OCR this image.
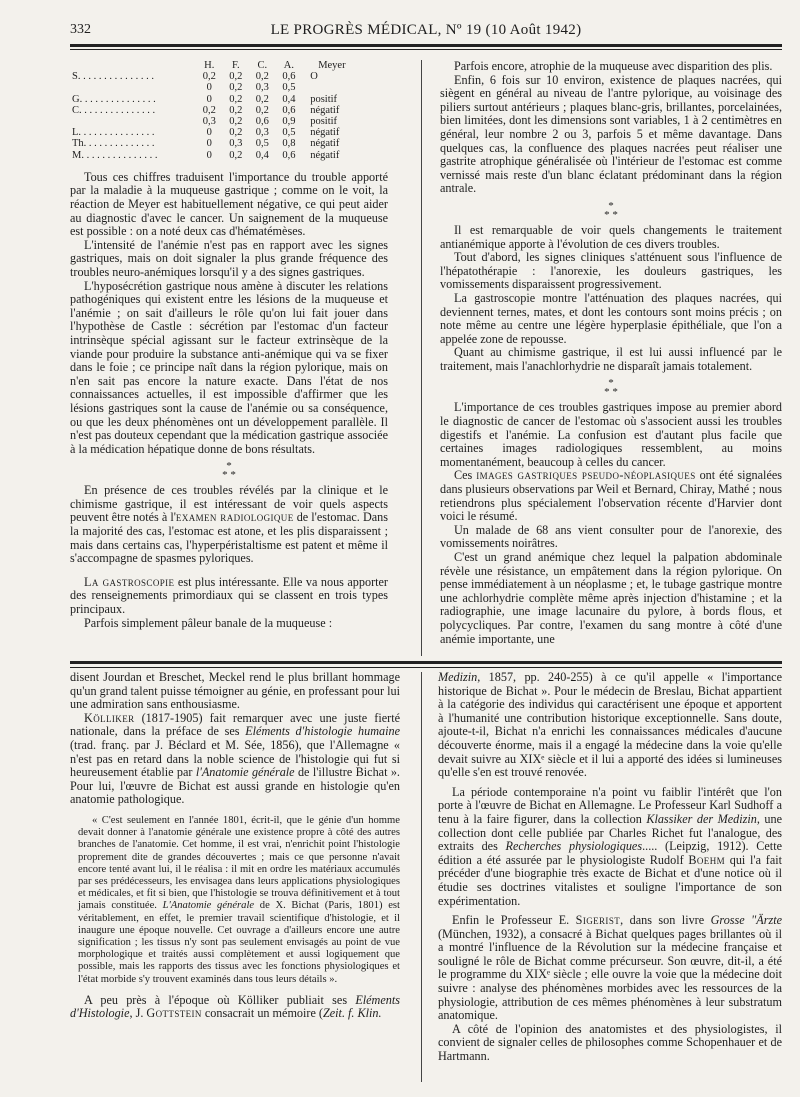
332	LE PROGRÈS MÉDICAL, Nº 19 (10 Août 1942)
	H.	F.	C.	A.	Meyer
S. . . . . . . . . . . . . . .	0,2	0,2	0,2	0,6	O
	0	0,2	0,3	0,5	
G. . . . . . . . . . . . . . .	0	0,2	0,2	0,4	positif
C. . . . . . . . . . . . . . .	0,2	0,2	0,2	0,6	négatif
	0,3	0,2	0,6	0,9	positif
L. . . . . . . . . . . . . . .	0	0,2	0,3	0,5	négatif
Th. . . . . . . . . . . . . .	0	0,3	0,5	0,8	négatif
M. . . . . . . . . . . . . . .	0	0,2	0,4	0,6	négatif

Tous ces chiffres traduisent l'importance du trouble apporté par la maladie à la muqueuse gastrique ; comme on le voit, la réaction de Meyer est habituellement négative, ce qui peut aider au diagnostic d'avec le cancer. Un saignement de la muqueuse est possible : on a noté deux cas d'hématémèses.

L'intensité de l'anémie n'est pas en rapport avec les signes gastriques, mais on doit signaler la plus grande fréquence des troubles neuro-anémiques lorsqu'il y a des signes gastriques.

L'hyposécrétion gastrique nous amène à discuter les relations pathogéniques qui existent entre les lésions de la muqueuse et l'anémie ; on sait d'ailleurs le rôle qu'on lui fait jouer dans l'hypothèse de Castle : sécrétion par l'estomac d'un facteur intrinsèque spécial agissant sur le facteur extrinsèque de la viande pour produire la substance anti-anémique qui va se fixer dans le foie ; ce principe naît dans la région pylorique, mais on n'en sait pas encore la nature exacte. Dans l'état de nos connaissances actuelles, il est impossible d'affirmer que les lésions gastriques sont la cause de l'anémie ou sa conséquence, ou que les deux phénomènes ont un développement parallèle. Il n'est pas douteux cependant que la médication gastrique associée à la médication hépatique donne de bons résultats.

*
* *

En présence de ces troubles révélés par la clinique et le chimisme gastrique, il est intéressant de voir quels aspects peuvent être notés à l'examen radiologique de l'estomac. Dans la majorité des cas, l'estomac est atone, et les plis disparaissent ; mais dans certains cas, l'hyperpéristaltisme est patent et même il s'accompagne de spasmes pyloriques.

La gastroscopie est plus intéressante. Elle va nous apporter des renseignements primordiaux qui se classent en trois types principaux.

Parfois simplement pâleur banale de la muqueuse :

Parfois encore, atrophie de la muqueuse avec disparition des plis.

Enfin, 6 fois sur 10 environ, existence de plaques nacrées, qui siègent en général au niveau de l'antre pylorique, au voisinage des piliers surtout antérieurs ; plaques blanc-gris, brillantes, porcelainées, bien limitées, dont les dimensions sont variables, 1 à 2 centimètres en général, leur nombre 2 ou 3, parfois 5 et même davantage. Dans quelques cas, la confluence des plaques nacrées peut réaliser une gastrite atrophique généralisée où l'intérieur de l'estomac est comme vernissé mais reste d'un blanc éclatant prédominant dans la région antrale.

*
* *

Il est remarquable de voir quels changements le traitement antianémique apporte à l'évolution de ces divers troubles.

Tout d'abord, les signes cliniques s'atténuent sous l'influence de l'hépatothérapie : l'anorexie, les douleurs gastriques, les vomissements disparaissent progressivement.

La gastroscopie montre l'atténuation des plaques nacrées, qui deviennent ternes, mates, et dont les contours sont moins précis ; on note même au centre une légère hyperplasie épithéliale, que l'on a appelée zone de repousse.

Quant au chimisme gastrique, il est lui aussi influencé par le traitement, mais l'anachlorhydrie ne disparaît jamais totalement.

*
* *

L'importance de ces troubles gastriques impose au premier abord le diagnostic de cancer de l'estomac où s'associent aussi les troubles digestifs et l'anémie. La confusion est d'autant plus facile que certaines images radiologiques ressemblent, au moins momentanément, beaucoup à celles du cancer.

Ces images gastriques pseudo-néoplasiques ont été signalées dans plusieurs observations par Weil et Bernard, Chiray, Mathé ; nous retiendrons plus spécialement l'observation récente d'Harvier dont voici le résumé.

Un malade de 68 ans vient consulter pour de l'anorexie, des vomissements noirâtres.

C'est un grand anémique chez lequel la palpation abdominale révèle une résistance, un empâtement dans la région pylorique. On pense immédiatement à un néoplasme ; et, le tubage gastrique montre une achlorhydrie complète même après injection d'histamine ; et la radiographie, une image lacunaire du pylore, à bords flous, et polycycliques. Par contre, l'examen du sang montre à côté d'une anémie importante, une

disent Jourdan et Breschet, Meckel rend le plus brillant hommage qu'un grand talent puisse témoigner au génie, en professant pour lui une admiration sans enthousiasme.

Kölliker (1817-1905) fait remarquer avec une juste fierté nationale, dans la préface de ses Eléments d'histologie humaine (trad. franç. par J. Béclard et M. Sée, 1856), que l'Allemagne « n'est pas en retard dans la noble science de l'histologie qui fut si heureusement établie par l'Anatomie générale de l'illustre Bichat ». Pour lui, l'œuvre de Bichat est aussi grande en histologie qu'en anatomie pathologique.

« C'est seulement en l'année 1801, écrit-il, que le génie d'un homme devait donner à l'anatomie générale une existence propre à côté des autres branches de l'anatomie. Cet homme, il est vrai, n'enrichit point l'histologie proprement dite de grandes découvertes ; mais ce que personne n'avait encore tenté avant lui, il le réalisa : il mit en ordre les matériaux accumulés par ses prédécesseurs, les envisagea dans leurs applications physiologiques et médicales, et fit si bien, que l'histologie se trouva définitivement et à tout jamais constituée. L'Anatomie générale de X. Bichat (Paris, 1801) est véritablement, en effet, le premier travail scientifique d'histologie, et il inaugure une époque nouvelle. Cet ouvrage a d'ailleurs encore une autre signification ; les tissus n'y sont pas seulement envisagés au point de vue morphologique et traités aussi complètement et aussi logiquement que possible, mais les rapports des tissus avec les fonctions physiologiques et l'état morbide s'y trouvent examinés dans tous leurs détails ».

A peu près à l'époque où Kölliker publiait ses Eléments d'Histologie, J. Gottstein consacrait un mémoire (Zeit. f. Klin.

Medizin, 1857, pp. 240-255) à ce qu'il appelle « l'importance historique de Bichat ». Pour le médecin de Breslau, Bichat appartient à la catégorie des individus qui caractérisent une époque et apportent à l'humanité une contribution historique exceptionnelle. Sans doute, ajoute-t-il, Bichat n'a enrichi les connaissances médicales d'aucune découverte énorme, mais il a engagé la médecine dans la voie qu'elle devait suivre au XIXᵉ siècle et il lui a apporté des idées si lumineuses qu'elle s'en est trouvé renovée.

La période contemporaine n'a point vu faiblir l'intérêt que l'on porte à l'œuvre de Bichat en Allemagne. Le Professeur Karl Sudhoff a tenu à la faire figurer, dans la collection Klassiker der Medizin, une collection dont celle publiée par Charles Richet fut l'analogue, des extraits des Recherches physiologiques..... (Leipzig, 1912). Cette édition a été assurée par le physiologiste Rudolf Boehm qui l'a fait précéder d'une biographie très exacte de Bichat et d'une notice où il étudie ses doctrines vitalistes et souligne l'importance de son expérimentation.

Enfin le Professeur E. Sigerist, dans son livre Grosse "Ärzte (München, 1932), a consacré à Bichat quelques pages brillantes où il a montré l'influence de la Révolution sur la médecine française et souligné le rôle de Bichat comme précurseur. Son œuvre, dit-il, a été le programme du XIXᵉ siècle ; elle ouvre la voie que la médecine doit suivre : analyse des phénomènes morbides avec les ressources de la physiologie, attribution de ces mêmes phénomènes à leur substratum anatomique.

A côté de l'opinion des anatomistes et des physiologistes, il convient de signaler celles de philosophes comme Schopenhauer et de Hartmann.
